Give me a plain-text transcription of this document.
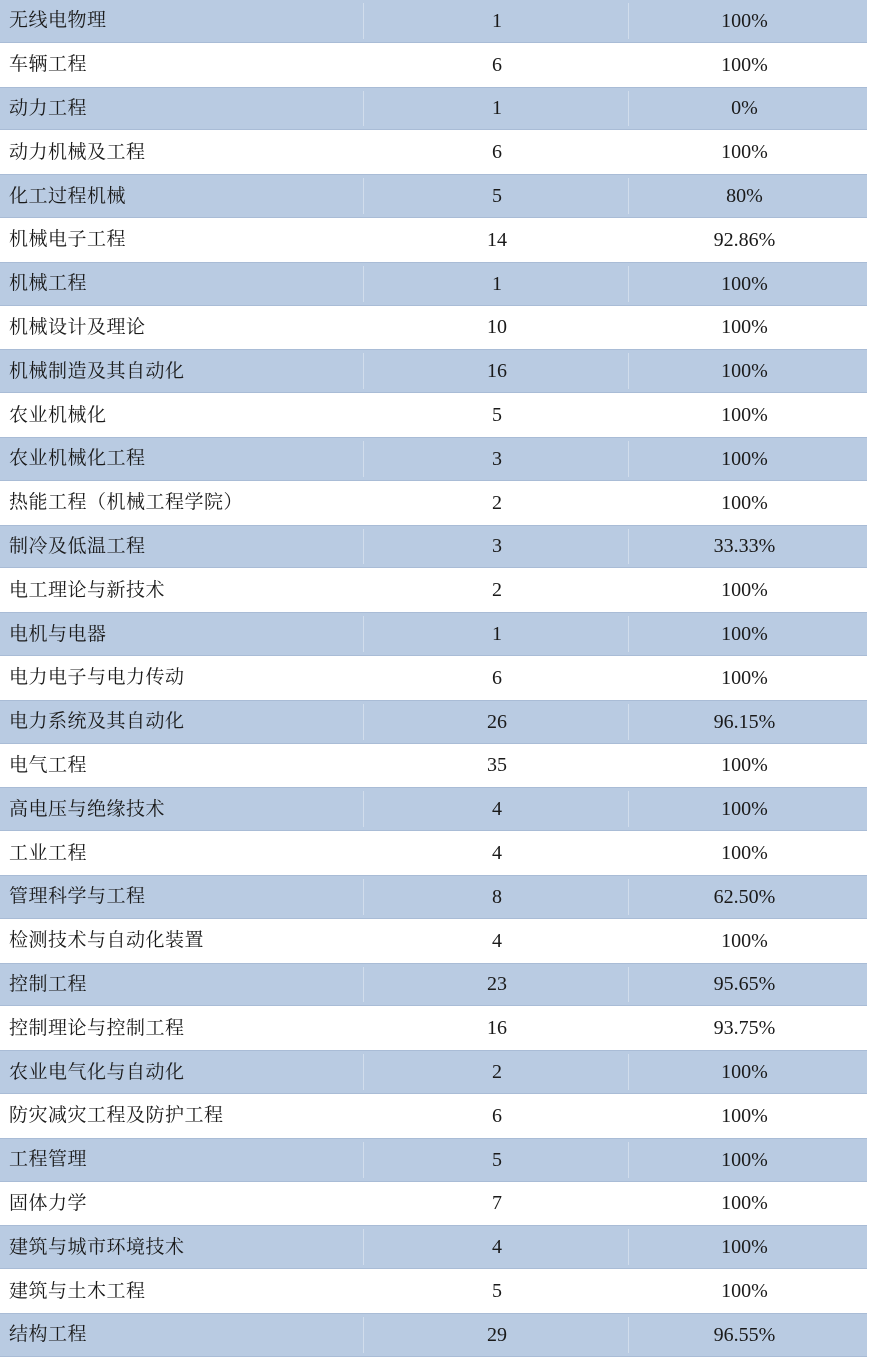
无线电物理	1	100%
车辆工程	6	100%
动力工程	1	0%
动力机械及工程	6	100%
化工过程机械	5	80%
机械电子工程	14	92.86%
机械工程	1	100%
机械设计及理论	10	100%
机械制造及其自动化	16	100%
农业机械化	5	100%
农业机械化工程	3	100%
热能工程（机械工程学院）	2	100%
制冷及低温工程	3	33.33%
电工理论与新技术	2	100%
电机与电器	1	100%
电力电子与电力传动	6	100%
电力系统及其自动化	26	96.15%
电气工程	35	100%
高电压与绝缘技术	4	100%
工业工程	4	100%
管理科学与工程	8	62.50%
检测技术与自动化装置	4	100%
控制工程	23	95.65%
控制理论与控制工程	16	93.75%
农业电气化与自动化	2	100%
防灾减灾工程及防护工程	6	100%
工程管理	5	100%
固体力学	7	100%
建筑与城市环境技术	4	100%
建筑与土木工程	5	100%
结构工程	29	96.55%
